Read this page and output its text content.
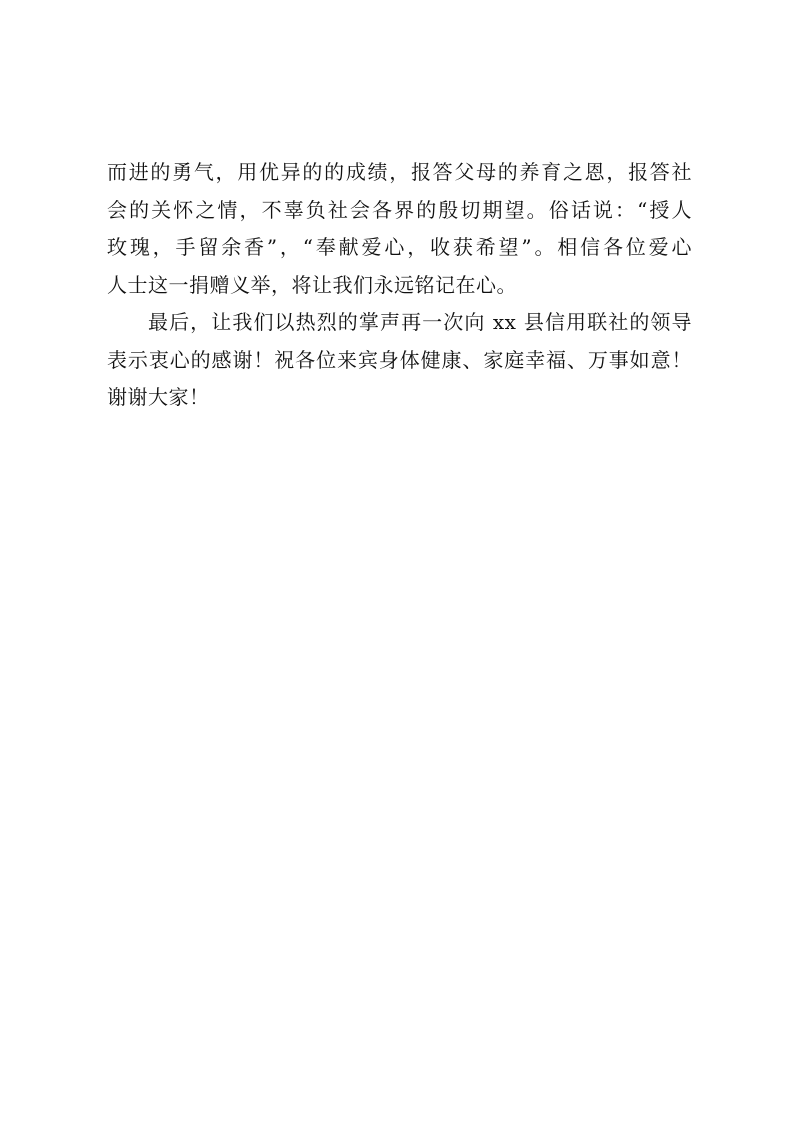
而进的勇气，用优异的的成绩，报答父母的养育之恩，报答社
会的关怀之情，不辜负社会各界的殷切期望。俗话说：“授人
玫瑰，手留余香”，“奉献爱心，收获希望”。相信各位爱心
人士这一捐赠义举，将让我们永远铭记在心。
最后，让我们以热烈的掌声再一次向 xx 县信用联社的领导
表示衷心的感谢！祝各位来宾身体健康、家庭幸福、万事如意！
谢谢大家！
